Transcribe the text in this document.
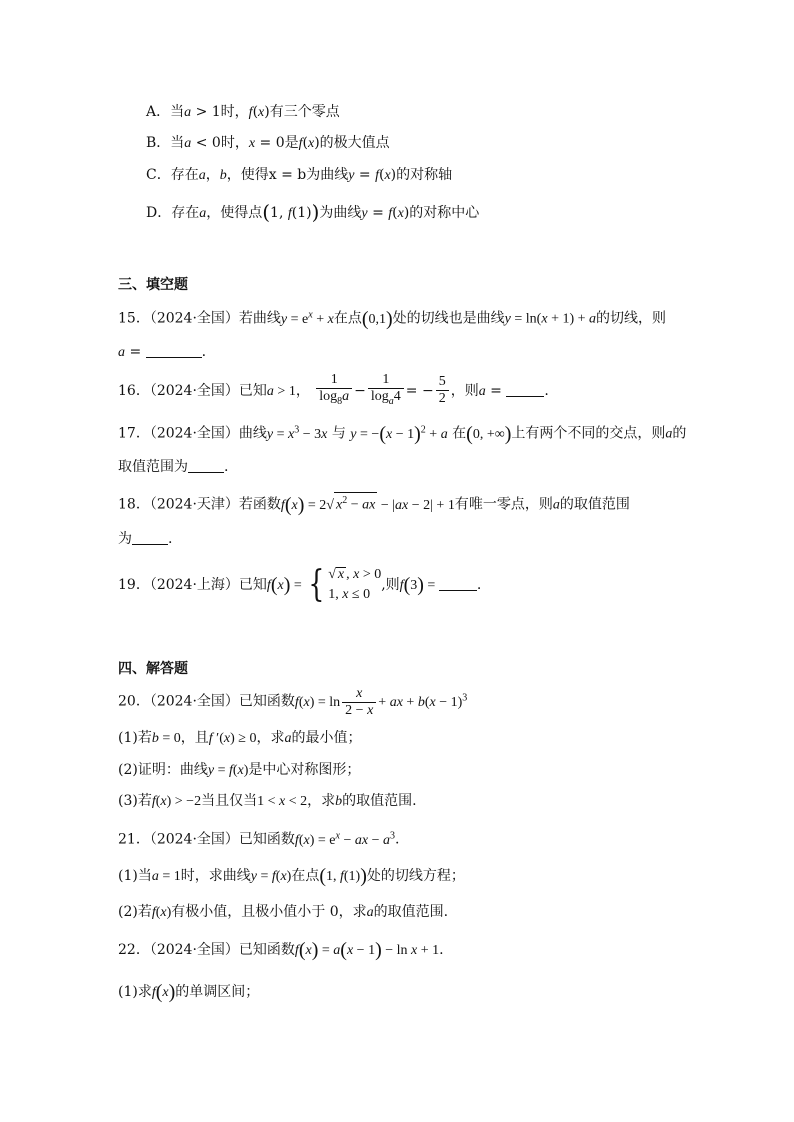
A．当a > 1时，f(x)有三个零点
B．当a < 0时，x = 0是f(x)的极大值点
C．存在a，b，使得x = b为曲线y = f(x)的对称轴
D．存在a，使得点(1, f(1))为曲线y = f(x)的对称中心
三、填空题
15．（2024·全国）若曲线$y = e^x + x$在点(0,1)处的切线也是曲线y = ln(x + 1) + a的切线，则
a =	.
16．（2024·全国）已知a > 1， $\frac{1}{\log_8a} - \frac{1}{\log_a4}$ = − $\frac{5}{2}$ ，则a =	.
17．（2024·全国）曲线$y = x^3 - 3x$ 与 $y = -(x - 1)^2 + a$ 在(0, +∞)上有两个不同的交点，则a的
取值范围为	.
18．（2024·天津）若函数f(x) = 2√ $x^2$ − ax − |ax − 2| + 1有唯一零点，则a的取值范围
为	.
19．（2024·上海）已知f(x) = { √ x , x > 0
1, x ≤ 0
,则f(3) =	.
四、解答题
20．（2024·全国）已知函数$f(x) = \ln \frac{x}{2 - x}$ + ax + $b(x - 1)^3$
(1)若b = 0，且f ′(x) ≥ 0，求a的最小值；
(2)证明：曲线y = f(x)是中心对称图形；
(3)若f(x) > −2当且仅当1 < x < 2，求b的取值范围.
21．（2024·全国）已知函数$f(x) = e^x$ − ax − $a^3$.
(1)当a = 1时，求曲线y = f(x)在点(1, f(1))处的切线方程；
(2)若f(x)有极小值，且极小值小于 0，求a的取值范围.
22．（2024·全国）已知函数f(x) = a(x − 1) − ln x + 1.
(1)求f(x)的单调区间；
